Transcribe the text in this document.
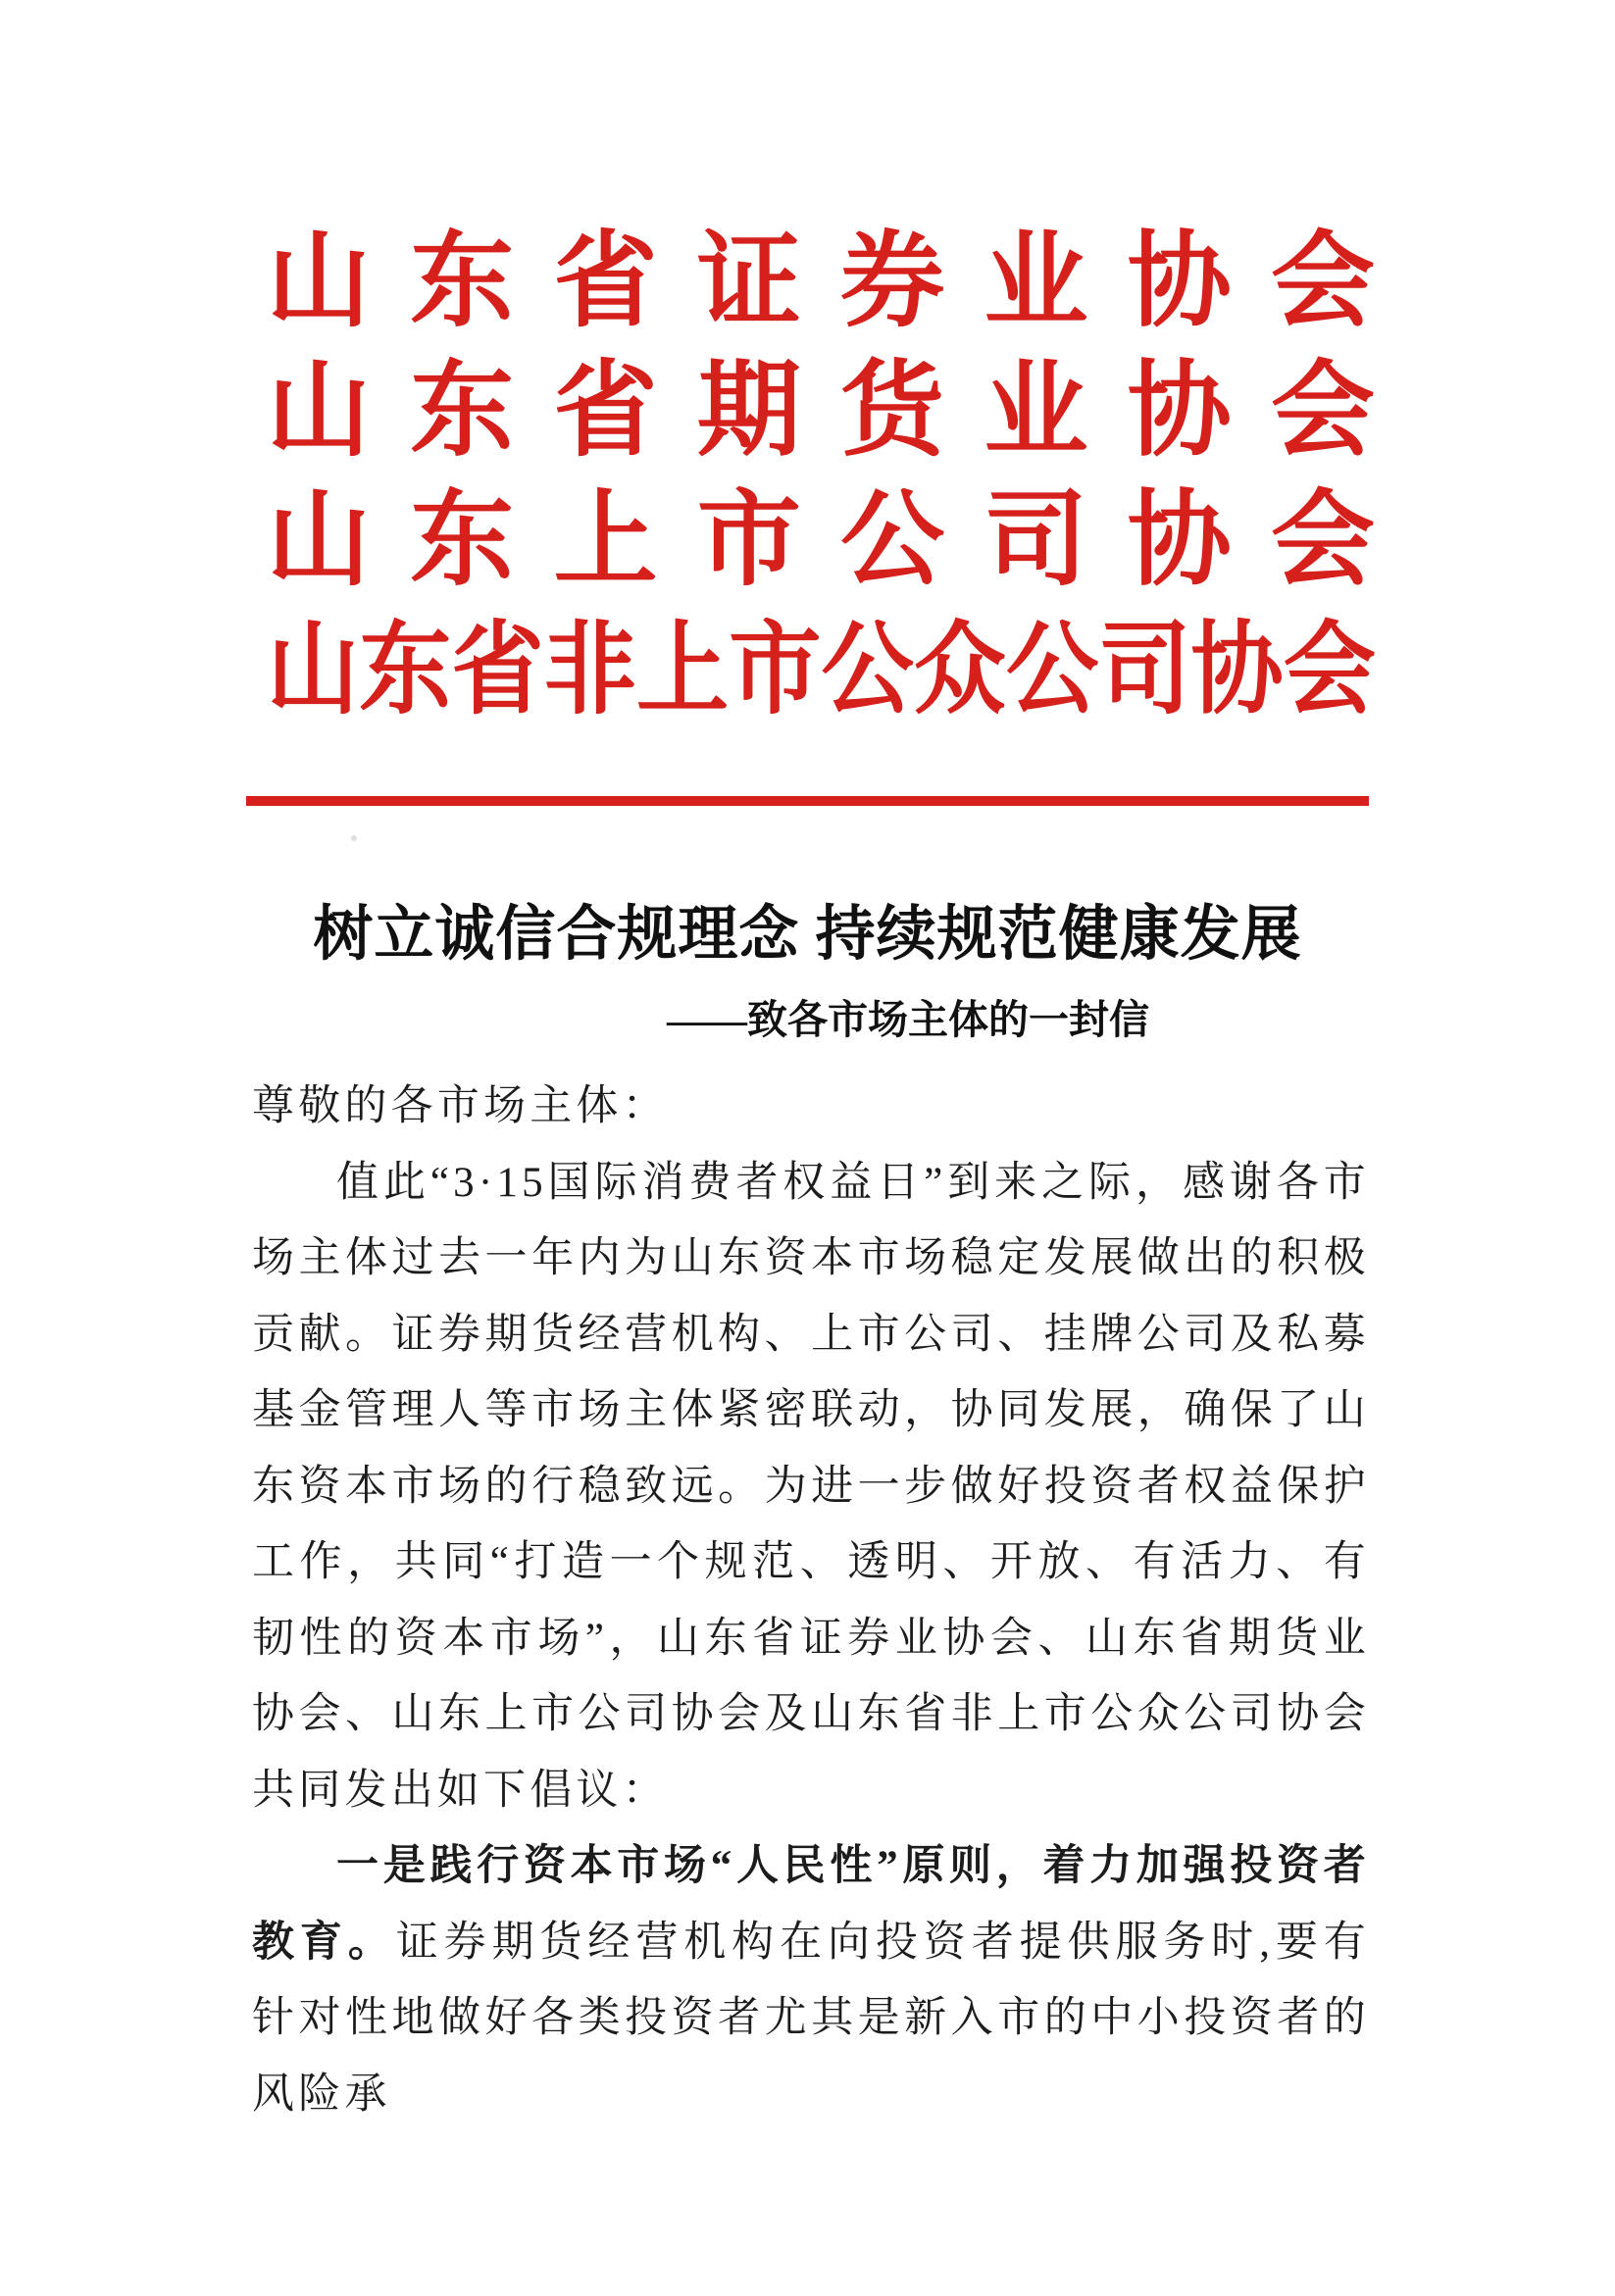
山 东 省 证 券 业 协 会
山 东 省 期 货 业 协 会
山 东 上 市 公 司 协 会
山东省非上市公众公司协会
树立诚信合规理念 持续规范健康发展
——致各市场主体的一封信

尊敬的各市场主体：

值此“3·15国际消费者权益日”到来之际，感谢各市场主体过去一年内为山东资本市场稳定发展做出的积极贡献。证券期货经营机构、上市公司、挂牌公司及私募基金管理人等市场主体紧密联动，协同发展，确保了山东资本市场的行稳致远。为进一步做好投资者权益保护工作，共同“打造一个规范、透明、开放、有活力、有韧性的资本市场”，山东省证券业协会、山东省期货业协会、山东上市公司协会及山东省非上市公众公司协会共同发出如下倡议：

一是践行资本市场“人民性”原则，着力加强投资者教育。证券期货经营机构在向投资者提供服务时,要有针对性地做好各类投资者尤其是新入市的中小投资者的风险承
